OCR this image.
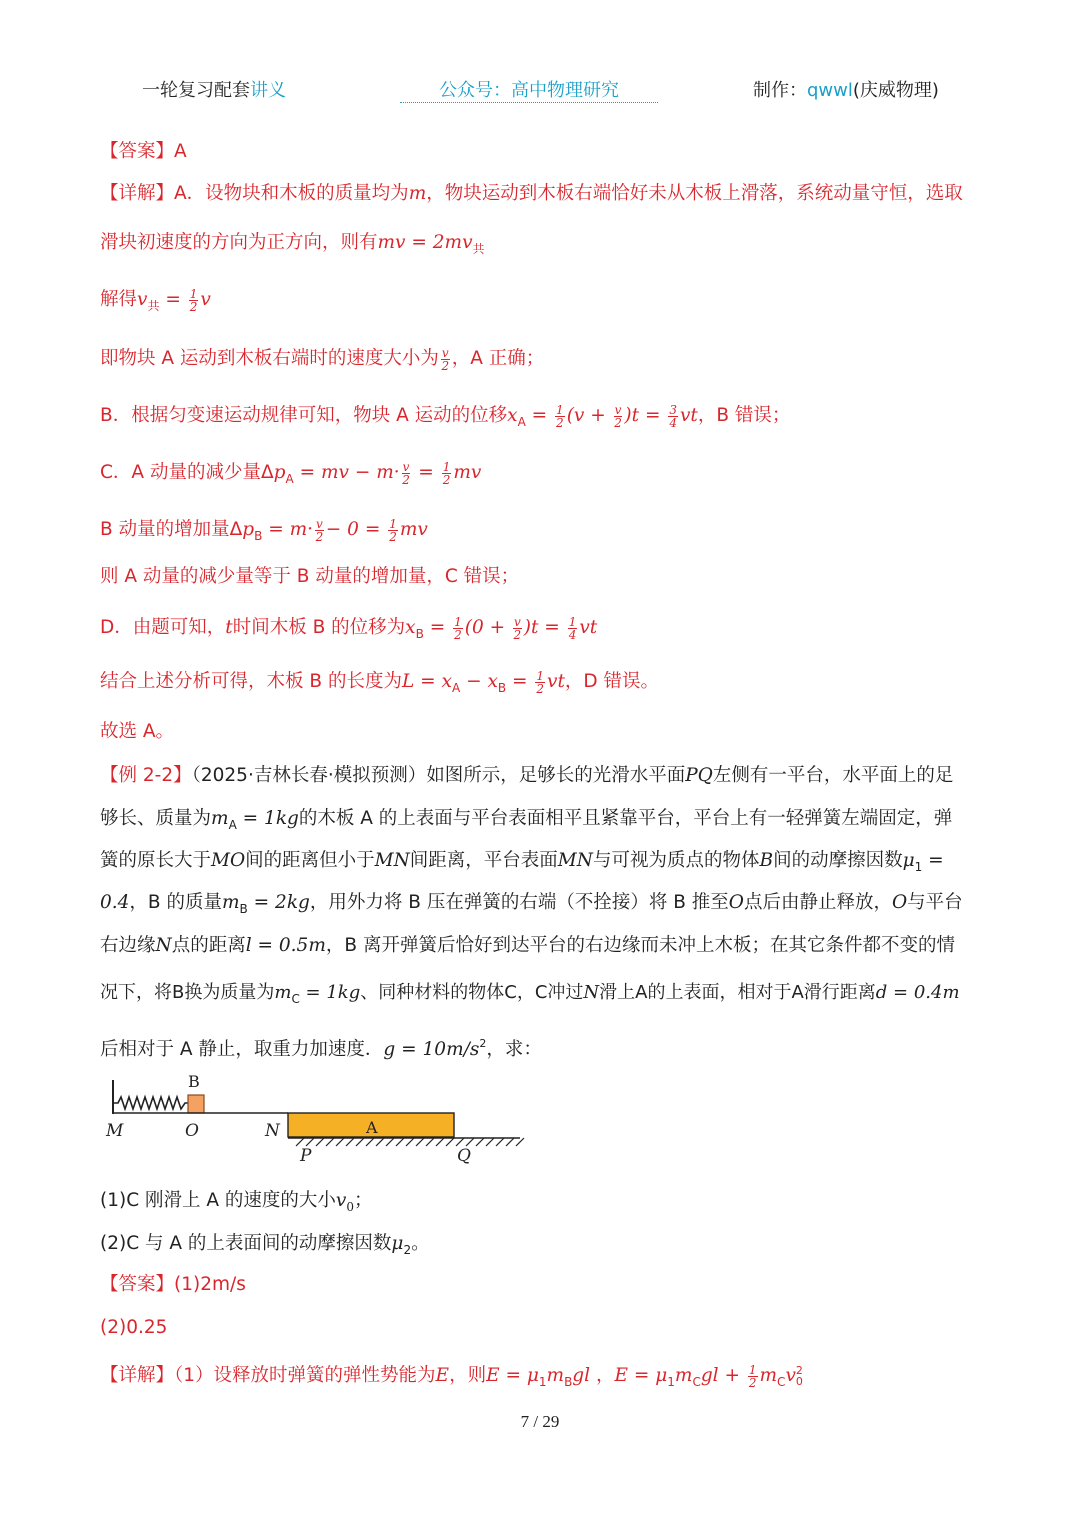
一轮复习配套讲义	公众号：高中物理研究	制作：qwwl(庆威物理)
【答案】A
【详解】A．设物块和木板的质量均为m，物块运动到木板右端恰好未从木板上滑落，系统动量守恒，选取
滑块初速度的方向为正方向，则有mv = $2mv_共$
解得$v_共 = \frac{1}{2}$ v
即物块 A 运动到木板右端时的速度大小为 $\frac{v}{2}$ ，A 正确；
B．根据匀变速运动规律可知，物块 A 运动的位移$x_A = \frac{1}{2} (v + \frac{v}{2} )t = \frac{3}{4}$ vt，B 错误；
C．A 动量的减少量$\Delta p_A$ = mv − $m\cdot \frac{v}{2} = \frac{1}{2}$ mv
B 动量的增加量$\Delta p_B = m\cdot \frac{v}{2} - 0 = \frac{1}{2}$ mv
则 A 动量的减少量等于 B 动量的增加量，C 错误；
D．由题可知，t时间木板 B 的位移为$x_B = \frac{1}{2} (0 + \frac{v}{2} )t = \frac{1}{4}$ vt
结合上述分析可得，木板 B 的长度为$L = x_A - x_B = \frac{1}{2}$ vt，D 错误。
故选 A。
【例 2-2】（2025·吉林长春·模拟预测）如图所示，足够长的光滑水平面PQ左侧有一平台，水平面上的足
够长、质量为$m_A = 1kg$的木板 A 的上表面与平台表面相平且紧靠平台，平台上有一轻弹簧左端固定，弹
簧的原长大于MO间的距离但小于MN间距离，平台表面MN与可视为质点的物体B间的动摩擦因数$\mu_1$ =
0.4，B 的质量$m_B = 2kg$，用外力将 B 压在弹簧的右端（不拴接）将 B 推至O点后由静止释放，O与平台
右边缘N点的距离l = 0.5m，B 离开弹簧后恰好到达平台的右边缘而未冲上木板；在其它条件都不变的情
况下，将B换为质量为$m_C = 1kg$、同种材料的物体C，C冲过N滑上A的上表面，相对于A滑行距离d = 0.4m
后相对于 A 静止，取重力加速度．$g = 10m/s^2$，求：
B
M	O	N	A
P	Q
(1)C 刚滑上 A 的速度的大小$v_0$；
(2)C 与 A 的上表面间的动摩擦因数$\mu_2$。
【答案】(1)2m/s
(2)0.25
【详解】（1）设释放时弹簧的弹性势能为E，则$E = \mu_1m_Bgl$ ，$E = \mu_1m_Cgl + \frac{1}{2} m_Cv$ 2
0
7 / 29
